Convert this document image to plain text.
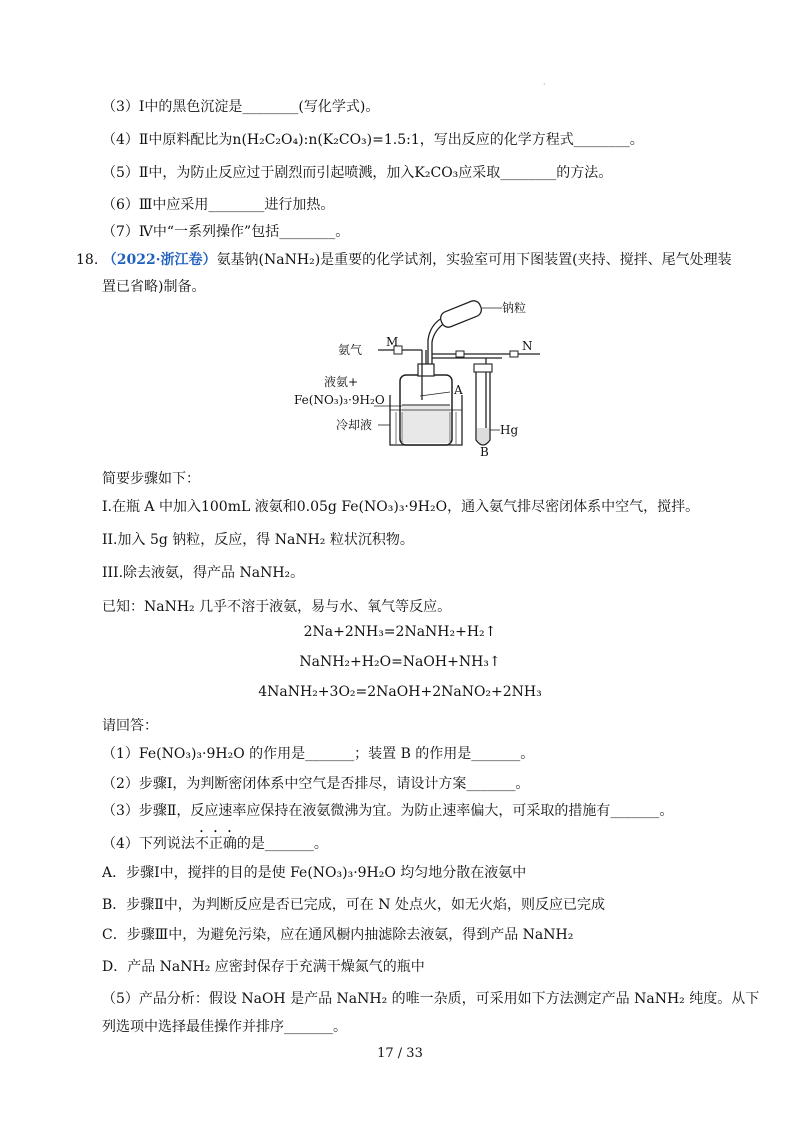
·
（3）Ⅰ中的黑色沉淀是________(写化学式)。
（4）Ⅱ中原料配比为n(H₂C₂O₄):n(K₂CO₃)=1.5:1，写出反应的化学方程式________。
（5）Ⅱ中，为防止反应过于剧烈而引起喷溅，加入K₂CO₃应采取________的方法。
（6）Ⅲ中应采用________进行加热。
（7）Ⅳ中“一系列操作”包括________。
18. （2022·浙江卷）氨基钠(NaNH₂)是重要的化学试剂，实验室可用下图装置(夹持、搅拌、尾气处理装
置已省略)制备。
钠粒
氨气
M	N
液氨+
Fe(NO₃)₃·9H₂O
A
冷却液	Hg
B
简要步骤如下：
I.在瓶 A 中加入100mL 液氨和0.05g Fe(NO₃)₃·9H₂O，通入氨气排尽密闭体系中空气，搅拌。
II.加入 5g 钠粒，反应，得 NaNH₂ 粒状沉积物。
III.除去液氨，得产品 NaNH₂。
已知：NaNH₂ 几乎不溶于液氨，易与水、氧气等反应。
2Na+2NH₃=2NaNH₂+H₂↑
NaNH₂+H₂O=NaOH+NH₃↑
4NaNH₂+3O₂=2NaOH+2NaNO₂+2NH₃
请回答：
（1）Fe(NO₃)₃·9H₂O 的作用是_______；装置 B 的作用是_______。
（2）步骤Ⅰ，为判断密闭体系中空气是否排尽，请设计方案_______。
（3）步骤Ⅱ，反应速率应保持在液氨微沸为宜。为防止速率偏大，可采取的措施有_______。
（4）下列说法不正确的是_______。
A．步骤Ⅰ中，搅拌的目的是使 Fe(NO₃)₃·9H₂O 均匀地分散在液氨中
B．步骤Ⅱ中，为判断反应是否已完成，可在 N 处点火，如无火焰，则反应已完成
C．步骤Ⅲ中，为避免污染，应在通风橱内抽滤除去液氨，得到产品 NaNH₂
D．产品 NaNH₂ 应密封保存于充满干燥氮气的瓶中
（5）产品分析：假设 NaOH 是产品 NaNH₂ 的唯一杂质，可采用如下方法测定产品 NaNH₂ 纯度。从下
列选项中选择最佳操作并排序_______。
17 / 33
